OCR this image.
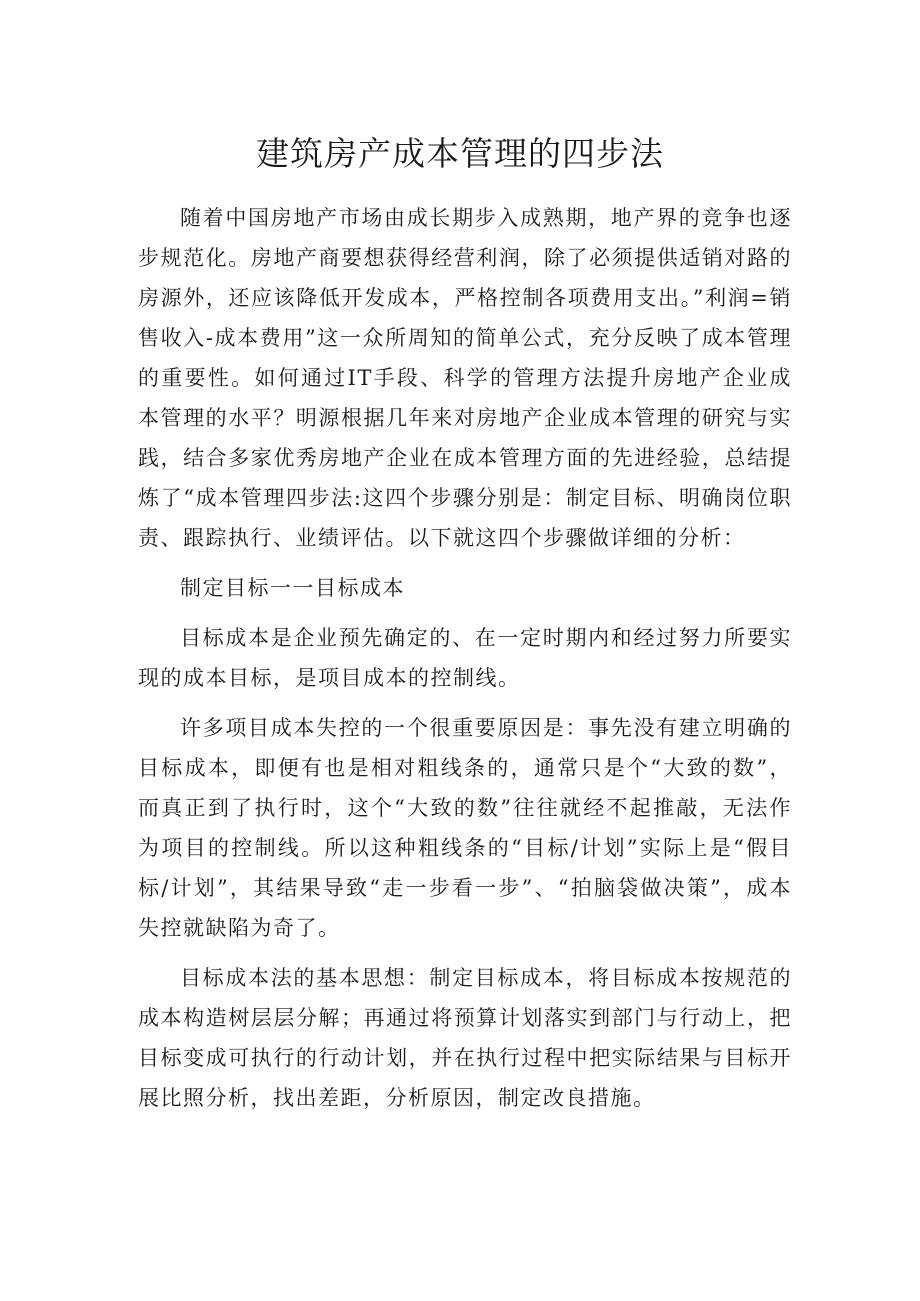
建筑房产成本管理的四步法

随着中国房地产市场由成长期步入成熟期，地产界的竞争也逐步规范化。房地产商要想获得经营利润，除了必须提供适销对路的房源外，还应该降低开发成本，严格控制各项费用支出。”利润=销售收入-成本费用”这一众所周知的简单公式，充分反映了成本管理的重要性。如何通过IT手段、科学的管理方法提升房地产企业成本管理的水平？明源根据几年来对房地产企业成本管理的研究与实践，结合多家优秀房地产企业在成本管理方面的先进经验，总结提炼了“成本管理四步法:这四个步骤分别是：制定目标、明确岗位职责、跟踪执行、业绩评估。以下就这四个步骤做详细的分析：

制定目标一一目标成本

目标成本是企业预先确定的、在一定时期内和经过努力所要实现的成本目标，是项目成本的控制线。

许多项目成本失控的一个很重要原因是：事先没有建立明确的目标成本，即便有也是相对粗线条的，通常只是个“大致的数”，而真正到了执行时，这个“大致的数”往往就经不起推敲，无法作为项目的控制线。所以这种粗线条的“目标/计划”实际上是“假目标/计划”，其结果导致“走一步看一步”、“拍脑袋做决策”，成本失控就缺陷为奇了。

目标成本法的基本思想：制定目标成本，将目标成本按规范的成本构造树层层分解；再通过将预算计划落实到部门与行动上，把目标变成可执行的行动计划，并在执行过程中把实际结果与目标开展比照分析，找出差距，分析原因，制定改良措施。
